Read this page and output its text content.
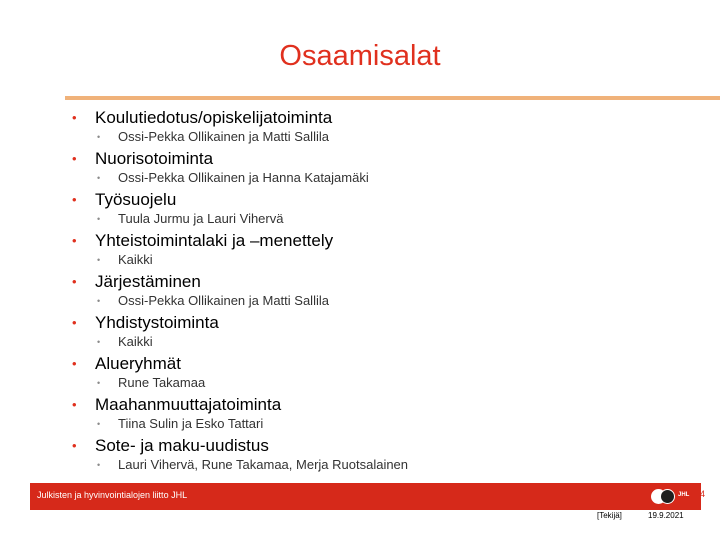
Osaamisalat
• Koulutiedotus/opiskelijatoiminta
• Ossi-Pekka Ollikainen ja Matti Sallila
• Nuorisotoiminta
• Ossi-Pekka Ollikainen ja Hanna Katajamäki
• Työsuojelu
• Tuula Jurmu ja Lauri Vihervä
• Yhteistoimintalaki ja –menettely
• Kaikki
• Järjestäminen
• Ossi-Pekka Ollikainen ja Matti Sallila
• Yhdistystoiminta
• Kaikki
• Alueryhmät
• Rune Takamaa
• Maahanmuuttajatoiminta
• Tiina Sulin ja Esko Tattari
• Sote- ja maku-uudistus
• Lauri Vihervä, Rune Takamaa, Merja Ruotsalainen
Julkisten ja hyvinvointialojen liitto JHL	JHL 4
[Tekijä]	19.9.2021
